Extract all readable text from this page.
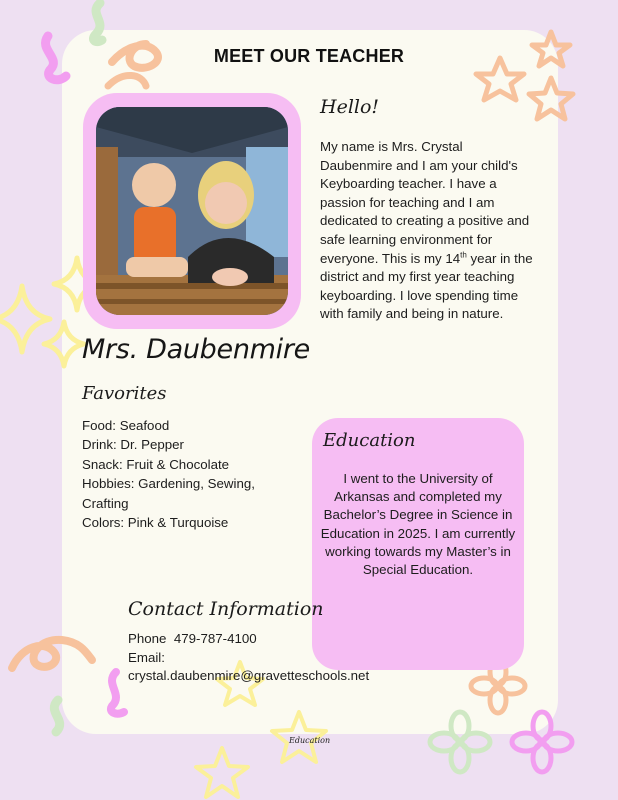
MEET OUR TEACHER
Mrs. Daubenmire
Hello!
My name is Mrs. Crystal Daubenmire and I am your child's Keyboarding teacher. I have a passion for teaching and I am dedicated to creating a positive and safe learning environment for everyone. This is my 14th year in the district and my first year teaching keyboarding. I love spending time with family and being in nature.
Favorites
Food: Seafood
Drink: Dr. Pepper
Snack: Fruit & Chocolate
Hobbies: Gardening, Sewing, Crafting
Colors: Pink & Turquoise
Education
I went to the University of Arkansas and completed my Bachelor’s Degree in Science in Education in 2025. I am currently working towards my Master’s in Special Education.
Contact Information
Phone 479-787-4100
Email:
crystal.daubenmire@gravetteschools.net
Education
